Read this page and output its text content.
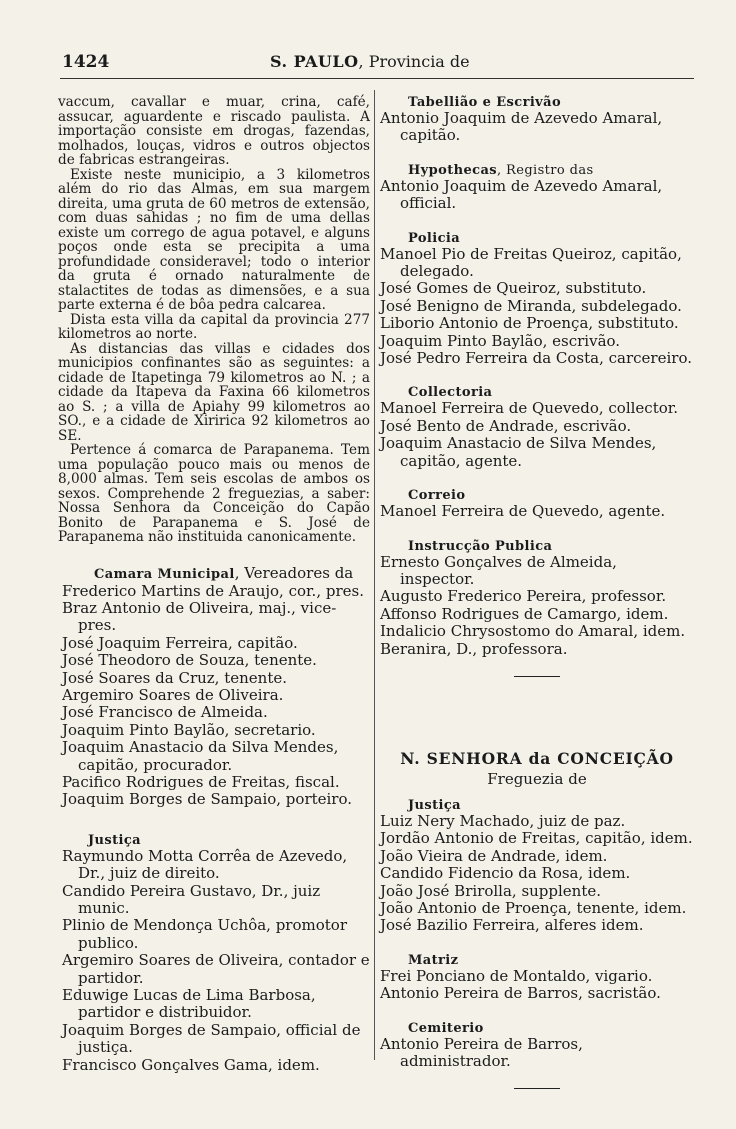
1424	S. PAULO, Provincia de

vaccum, cavallar e muar, crina, café, assucar, aguardente e riscado paulista. A importação consiste em drogas, fazendas, molhados, louças, vidros e outros objectos de fabricas estrangeiras.

Existe neste municipio, a 3 kilometros além do rio das Almas, em sua margem direita, uma gruta de 60 metros de extensão, com duas sahidas ; no fim de uma dellas existe um corrego de agua potavel, e alguns poços onde esta se precipita a uma profundidade consideravel; todo o interior da gruta é ornado naturalmente de stalactites de todas as dimensões, e a sua parte externa é de bôa pedra calcarea.

Dista esta villa da capital da provincia 277 kilometros ao norte.

As distancias das villas e cidades dos municipios confinantes são as seguintes: a cidade de Itapetinga 79 kilometros ao N. ; a cidade da Itapeva da Faxina 66 kilometros ao S. ; a villa de Apiahy 99 kilometros ao SO., e a cidade de Xiririca 92 kilometros ao SE.

Pertence á comarca de Parapanema. Tem uma população pouco mais ou menos de 8,000 almas. Tem seis escolas de ambos os sexos. Comprehende 2 freguezias, a saber: Nossa Senhora da Conceição do Capão Bonito de Parapanema e S. José de Parapanema não instituida canonicamente.

Camara Municipal, Vereadores da
Frederico Martins de Araujo, cor., pres.
Braz Antonio de Oliveira, maj., vice-pres.
José Joaquim Ferreira, capitão.
José Theodoro de Souza, tenente.
José Soares da Cruz, tenente.
Argemiro Soares de Oliveira.
José Francisco de Almeida.
Joaquim Pinto Baylão, secretario.
Joaquim Anastacio da Silva Mendes, capitão, procurador.
Pacifico Rodrigues de Freitas, fiscal.
Joaquim Borges de Sampaio, porteiro.
Justiça
Raymundo Motta Corrêa de Azevedo, Dr., juiz de direito.
Candido Pereira Gustavo, Dr., juiz munic.
Plinio de Mendonça Uchôa, promotor publico.
Argemiro Soares de Oliveira, contador e partidor.
Eduwige Lucas de Lima Barbosa, partidor e distribuidor.
Joaquim Borges de Sampaio, official de justiça.
Francisco Gonçalves Gama, idem.
Tabellião e Escrivão
Antonio Joaquim de Azevedo Amaral, capitão.
Hypothecas, Registro das
Antonio Joaquim de Azevedo Amaral, official.
Policia
Manoel Pio de Freitas Queiroz, capitão, delegado.
José Gomes de Queiroz, substituto.
José Benigno de Miranda, subdelegado.
Liborio Antonio de Proença, substituto.
Joaquim Pinto Baylão, escrivão.
José Pedro Ferreira da Costa, carcereiro.
Collectoria
Manoel Ferreira de Quevedo, collector.
José Bento de Andrade, escrivão.
Joaquim Anastacio de Silva Mendes, capitão, agente.
Correio
Manoel Ferreira de Quevedo, agente.
Instrucção Publica
Ernesto Gonçalves de Almeida, inspector.
Augusto Frederico Pereira, professor.
Affonso Rodrigues de Camargo, idem.
Indalicio Chrysostomo do Amaral, idem.
Beranira, D., professora.
N. SENHORA da CONCEIÇÃO
Freguezia de
Justiça
Luiz Nery Machado, juiz de paz.
Jordão Antonio de Freitas, capitão, idem.
João Vieira de Andrade, idem.
Candido Fidencio da Rosa, idem.
João José Brirolla, supplente.
João Antonio de Proença, tenente, idem.
José Bazilio Ferreira, alferes idem.
Matriz
Frei Ponciano de Montaldo, vigario.
Antonio Pereira de Barros, sacristão.
Cemiterio
Antonio Pereira de Barros, administrador.
